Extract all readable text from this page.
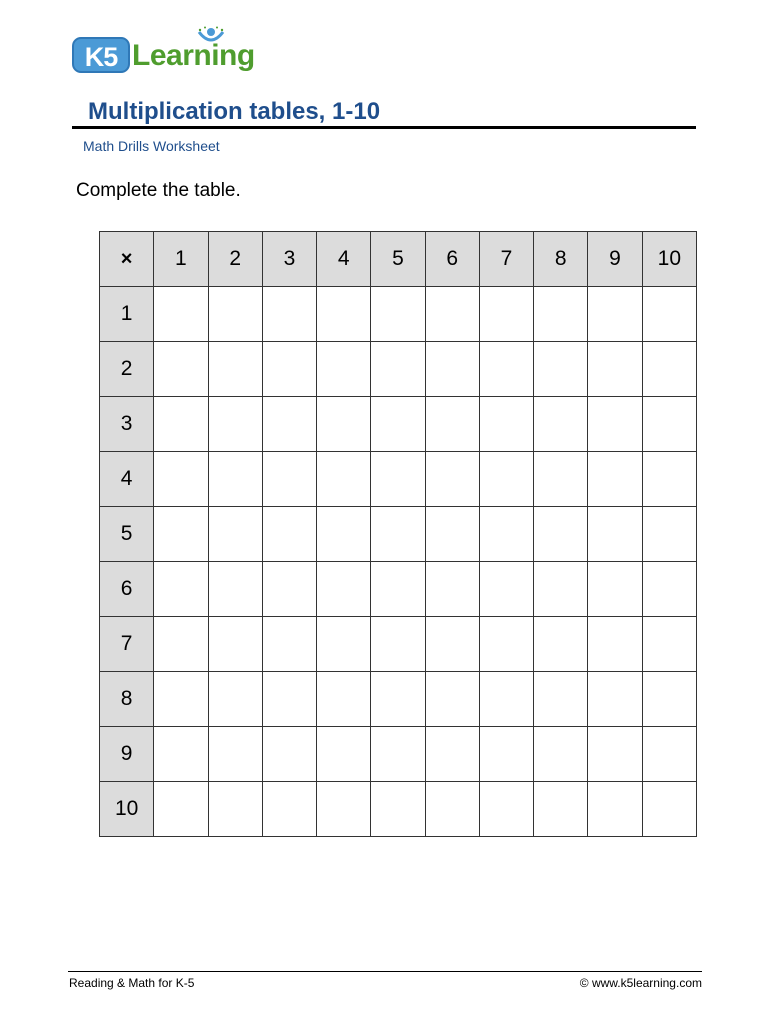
K5 Learning
Multiplication tables, 1-10
Math Drills Worksheet
Complete the table.
×	1	2	3	4	5	6	7	8	9	10
1										
2										
3										
4										
5										
6										
7										
8										
9										
10										
Reading & Math for K-5	© www.k5learning.com
